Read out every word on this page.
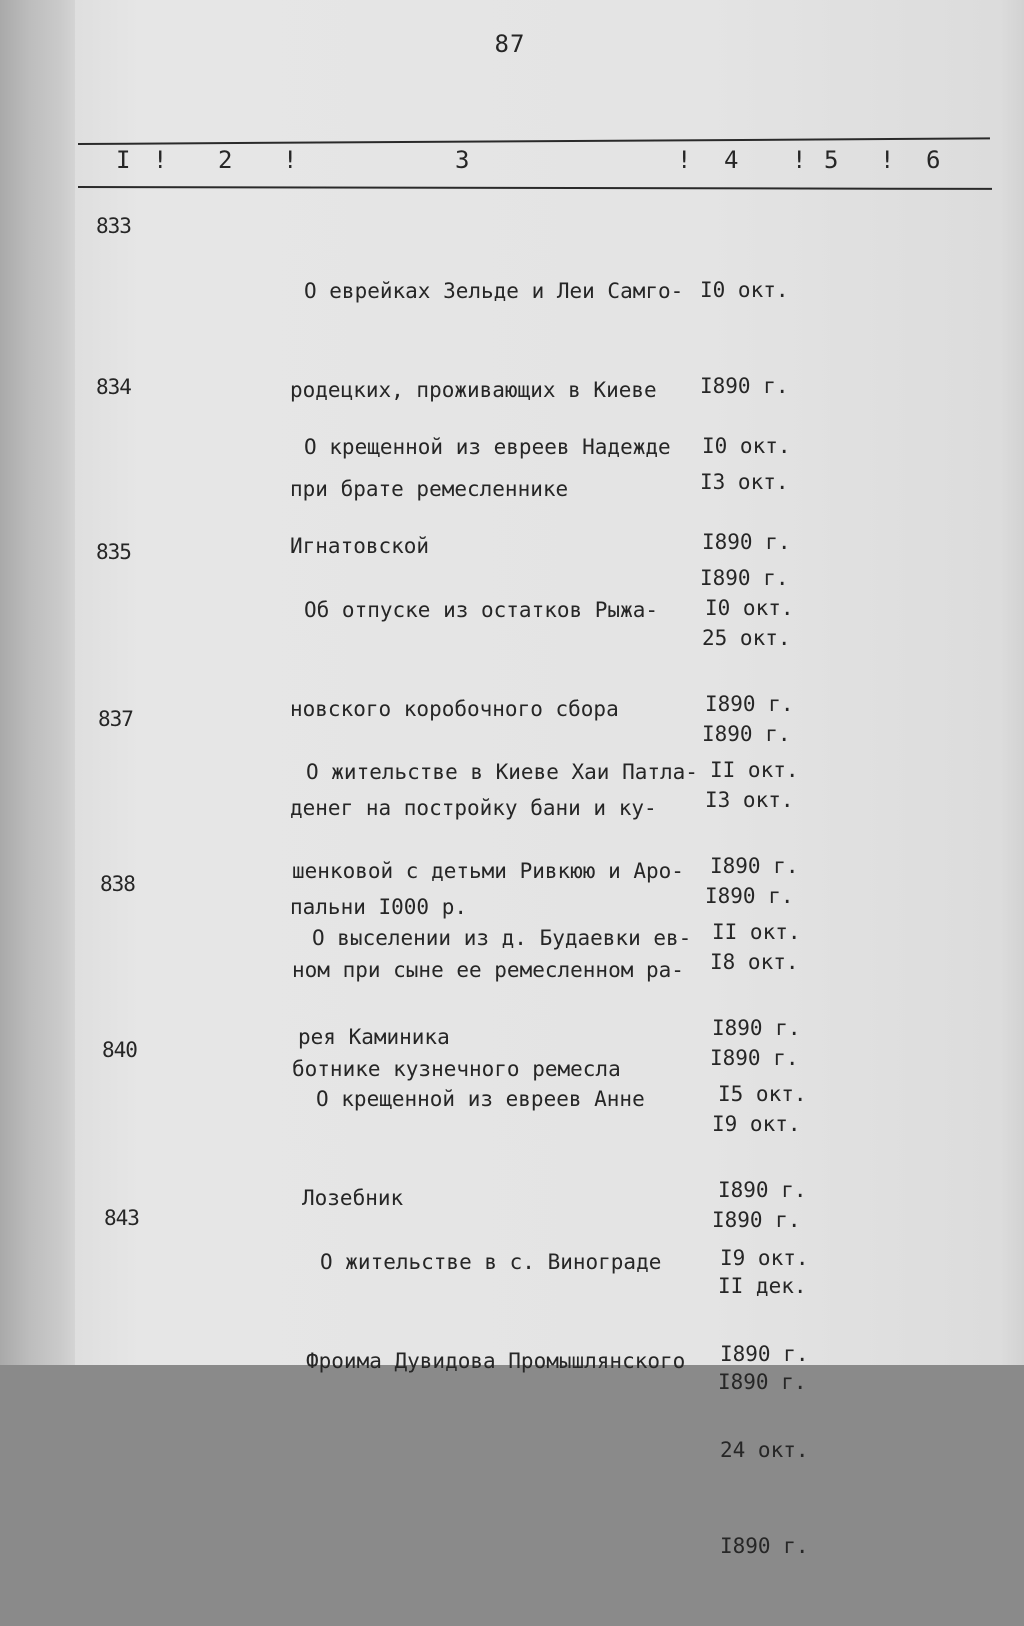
87
I ! 2 !	3	! 4 ! 5 ! 6
833

О еврейках Зельде и Леи Самго-

родецких, проживающих в Киеве

при брате ремесленнике

I0 окт.

I890 г.

I3 окт.

I890 г.

834

О крещенной из евреев Надежде

Игнатовской

I0 окт.

I890 г.

25 окт.

I890 г.

835

Об отпуске из остатков Рыжа-

новского коробочного сбора

денег на постройку бани и ку-

пальни I000 р.

I0 окт.

I890 г.

I3 окт.

I890 г.

837

О жительстве в Киеве Хаи Патла-

шенковой с детьми Ривкюю и Аро-

ном при сыне ее ремесленном ра-

ботнике кузнечного ремесла

II окт.

I890 г.

I8 окт.

I890 г.

838

О выселении из д. Будаевки ев-

рея Каминика

II окт.

I890 г.

I9 окт.

I890 г.

840

О крещенной из евреев Анне

Лозебник

I5 окт.

I890 г.

II дек.

I890 г.

843

О жительстве в с. Винограде

Фроима Дувидова Промышлянского

I9 окт.

I890 г.

24 окт.

I890 г.
